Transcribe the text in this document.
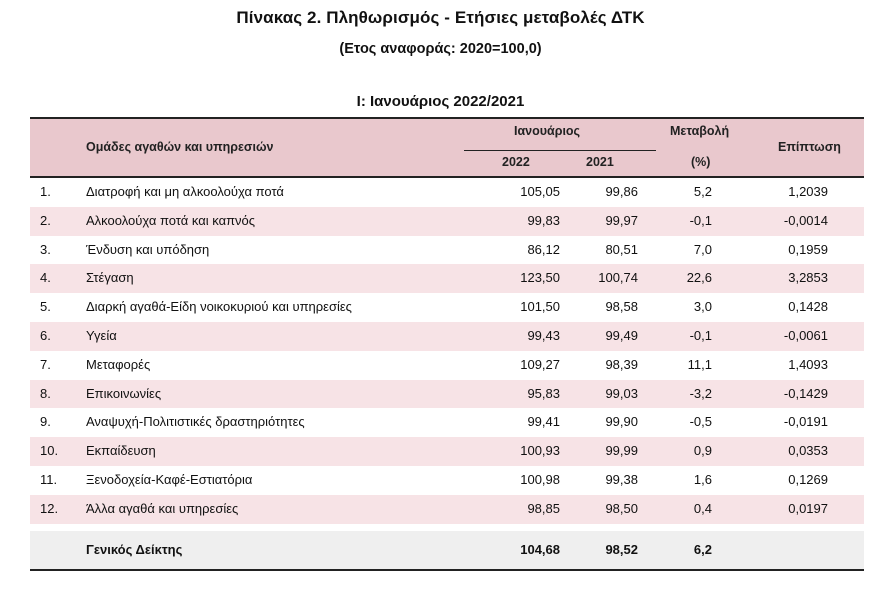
Πίνακας 2. Πληθωρισμός - Ετήσιες μεταβολές ΔΤΚ
(Ετος αναφοράς: 2020=100,0)
Ι: Ιανουάριος 2022/2021
Ομάδες αγαθών και υπηρεσιών
Ιανουάριος
2022	2021
Μεταβολή
(%)
Επίπτωση
1.	Διατροφή και μη αλκοολούχα ποτά	105,05	99,86	5,2	1,2039
2.	Αλκοολούχα ποτά και καπνός	99,83	99,97	-0,1	-0,0014
3.	Ένδυση και υπόδηση	86,12	80,51	7,0	0,1959
4.	Στέγαση	123,50	100,74	22,6	3,2853
5.	Διαρκή αγαθά-Είδη νοικοκυριού και υπηρεσίες	101,50	98,58	3,0	0,1428
6.	Υγεία	99,43	99,49	-0,1	-0,0061
7.	Μεταφορές	109,27	98,39	11,1	1,4093
8.	Επικοινωνίες	95,83	99,03	-3,2	-0,1429
9.	Αναψυχή-Πολιτιστικές δραστηριότητες	99,41	99,90	-0,5	-0,0191
10. Εκπαίδευση	100,93	99,99	0,9	0,0353
11. Ξενοδοχεία-Καφέ-Εστιατόρια	100,98	99,38	1,6	0,1269
12. Άλλα αγαθά και υπηρεσίες	98,85	98,50	0,4	0,0197
Γενικός Δείκτης	104,68	98,52	6,2
